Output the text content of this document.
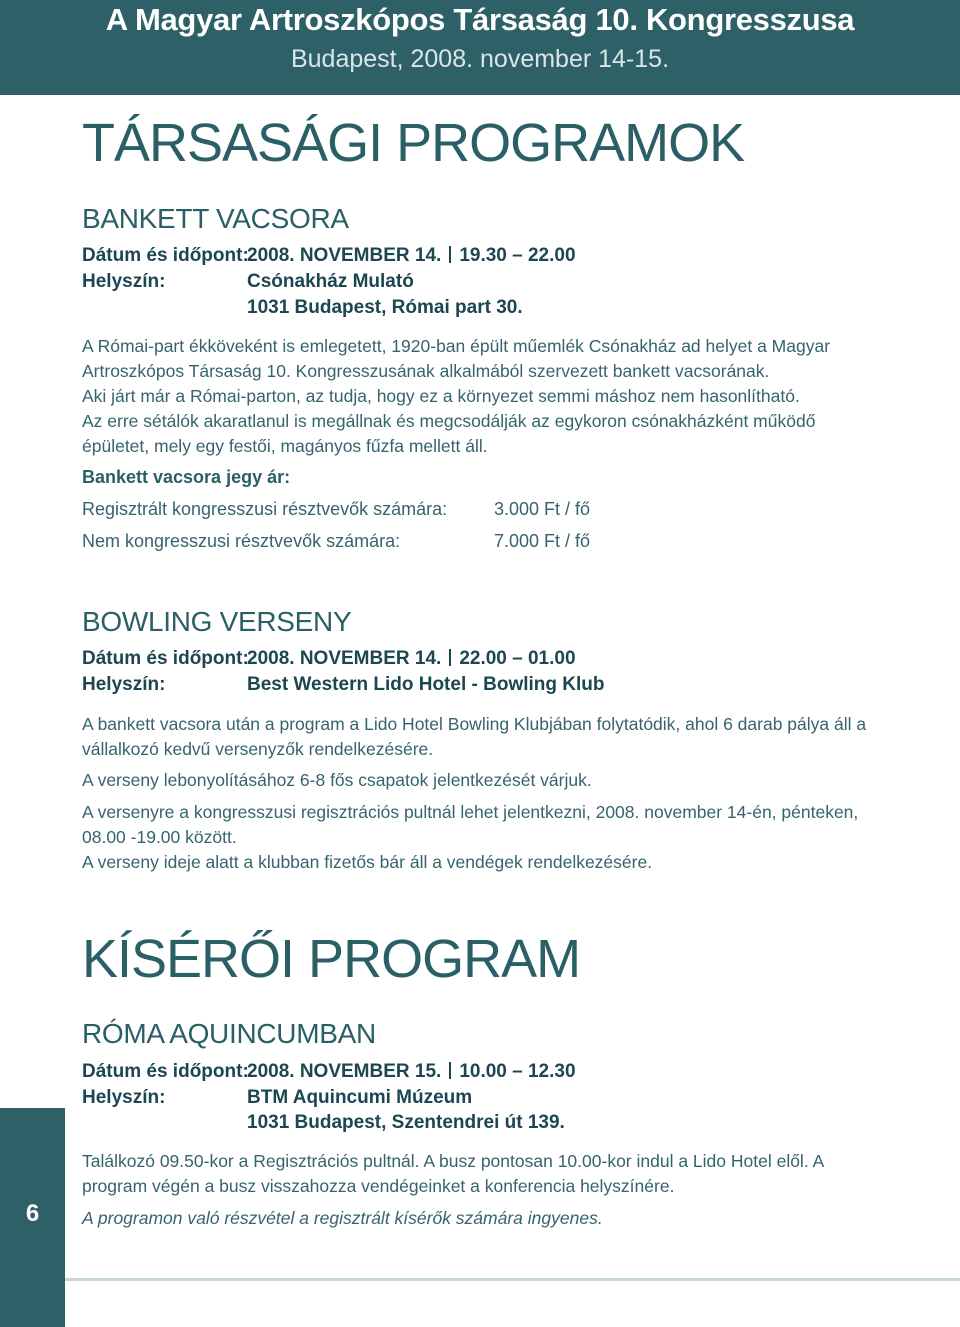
A Magyar Artroszkópos Társaság 10. Kongresszusa
Budapest, 2008. november 14-15.
TÁRSASÁGI PROGRAMOK
BANKETT VACSORA
Dátum és időpont:
2008. NOVEMBER 14. 19.30 – 22.00
Helyszín:	Csónakház Mulató
1031 Budapest, Római part 30.
A Római-part ékköveként is emlegetett, 1920-ban épült műemlék Csónakház ad helyet a Magyar Artroszkópos Társaság 10. Kongresszusának alkalmából szervezett bankett vacsorának.
Aki járt már a Római-parton, az tudja, hogy ez a környezet semmi máshoz nem hasonlítható.
Az erre sétálók akaratlanul is megállnak és megcsodálják az egykoron csónakházként működő épületet, mely egy festői, magányos fűzfa mellett áll.
Bankett vacsora jegy ár:
Regisztrált kongresszusi résztvevők számára:	3.000 Ft / fő
Nem kongresszusi résztvevők számára:	7.000 Ft / fő
BOWLING VERSENY
Dátum és időpont:
2008. NOVEMBER 14. 22.00 – 01.00
Helyszín:	Best Western Lido Hotel - Bowling Klub
A bankett vacsora után a program a Lido Hotel Bowling Klubjában folytatódik, ahol 6 darab pálya áll a vállalkozó kedvű versenyzők rendelkezésére.
A verseny lebonyolításához 6-8 fős csapatok jelentkezését várjuk.
A versenyre a kongresszusi regisztrációs pultnál lehet jelentkezni, 2008. november 14-én, pénteken, 08.00 -19.00 között.
A verseny ideje alatt a klubban fizetős bár áll a vendégek rendelkezésére.
KÍSÉRŐI PROGRAM
RÓMA AQUINCUMBAN
Dátum és időpont:
2008. NOVEMBER 15. 10.00 – 12.30
Helyszín:	BTM Aquincumi Múzeum
1031 Budapest, Szentendrei út 139.
Találkozó 09.50-kor a Regisztrációs pultnál. A busz pontosan 10.00-kor indul a Lido Hotel elől. A program végén a busz visszahozza vendégeinket a konferencia helyszínére.
A programon való részvétel a regisztrált kísérők számára ingyenes.
6
